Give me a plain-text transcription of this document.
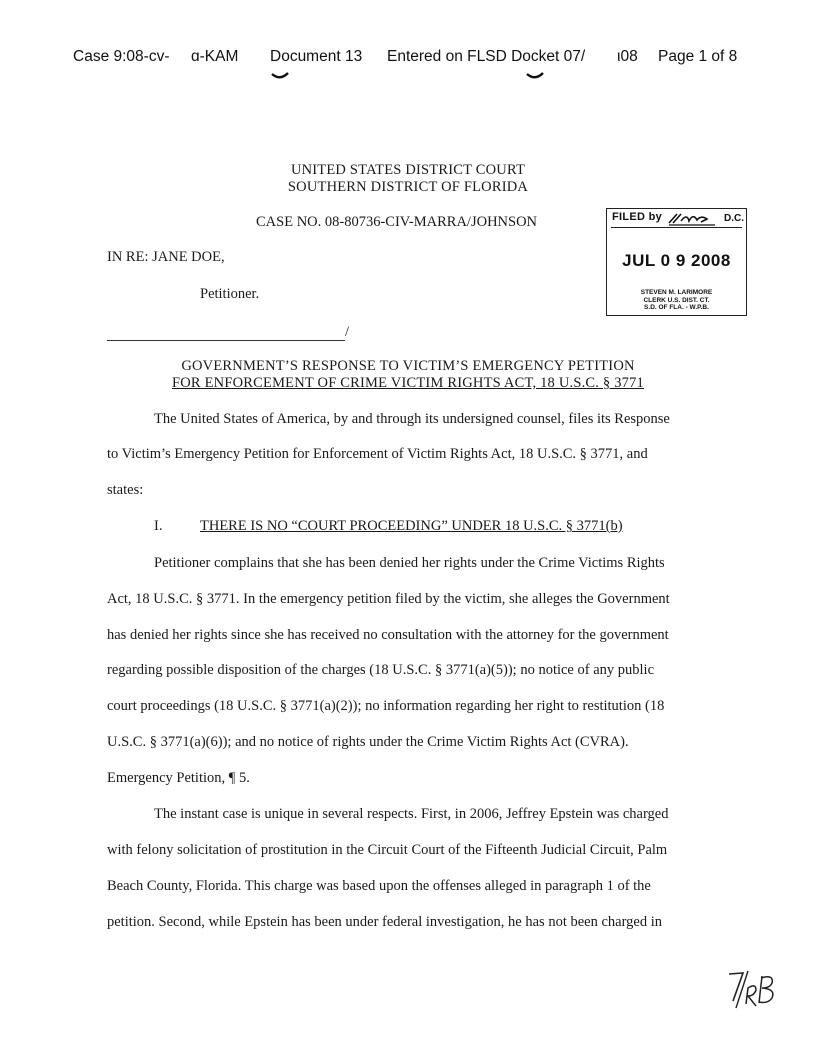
Case 9:08-cv- ɑ-KAM Document 13 Entered on FLSD Docket 07/ ι08 Page 1 of 8
UNITED STATES DISTRICT COURT
SOUTHERN DISTRICT OF FLORIDA
CASE NO. 08-80736-CIV-MARRA/JOHNSON
IN RE: JANE DOE,
Petitioner.
/
FILED by	D.C.
JUL 0 9 2008
STEVEN M. LARIMORE
CLERK U.S. DIST. CT.
S.D. OF FLA. - W.P.B.
GOVERNMENT’S RESPONSE TO VICTIM’S EMERGENCY PETITION
FOR ENFORCEMENT OF CRIME VICTIM RIGHTS ACT, 18 U.S.C. § 3771
The United States of America, by and through its undersigned counsel, files its Response
to Victim’s Emergency Petition for Enforcement of Victim Rights Act, 18 U.S.C. § 3771, and
states:
I.	THERE IS NO “COURT PROCEEDING” UNDER 18 U.S.C. § 3771(b)
Petitioner complains that she has been denied her rights under the Crime Victims Rights
Act, 18 U.S.C. § 3771. In the emergency petition filed by the victim, she alleges the Government
has denied her rights since she has received no consultation with the attorney for the government
regarding possible disposition of the charges (18 U.S.C. § 3771(a)(5)); no notice of any public
court proceedings (18 U.S.C. § 3771(a)(2)); no information regarding her right to restitution (18
U.S.C. § 3771(a)(6)); and no notice of rights under the Crime Victim Rights Act (CVRA).
Emergency Petition, ¶ 5.
The instant case is unique in several respects. First, in 2006, Jeffrey Epstein was charged
with felony solicitation of prostitution in the Circuit Court of the Fifteenth Judicial Circuit, Palm
Beach County, Florida. This charge was based upon the offenses alleged in paragraph 1 of the
petition. Second, while Epstein has been under federal investigation, he has not been charged in
